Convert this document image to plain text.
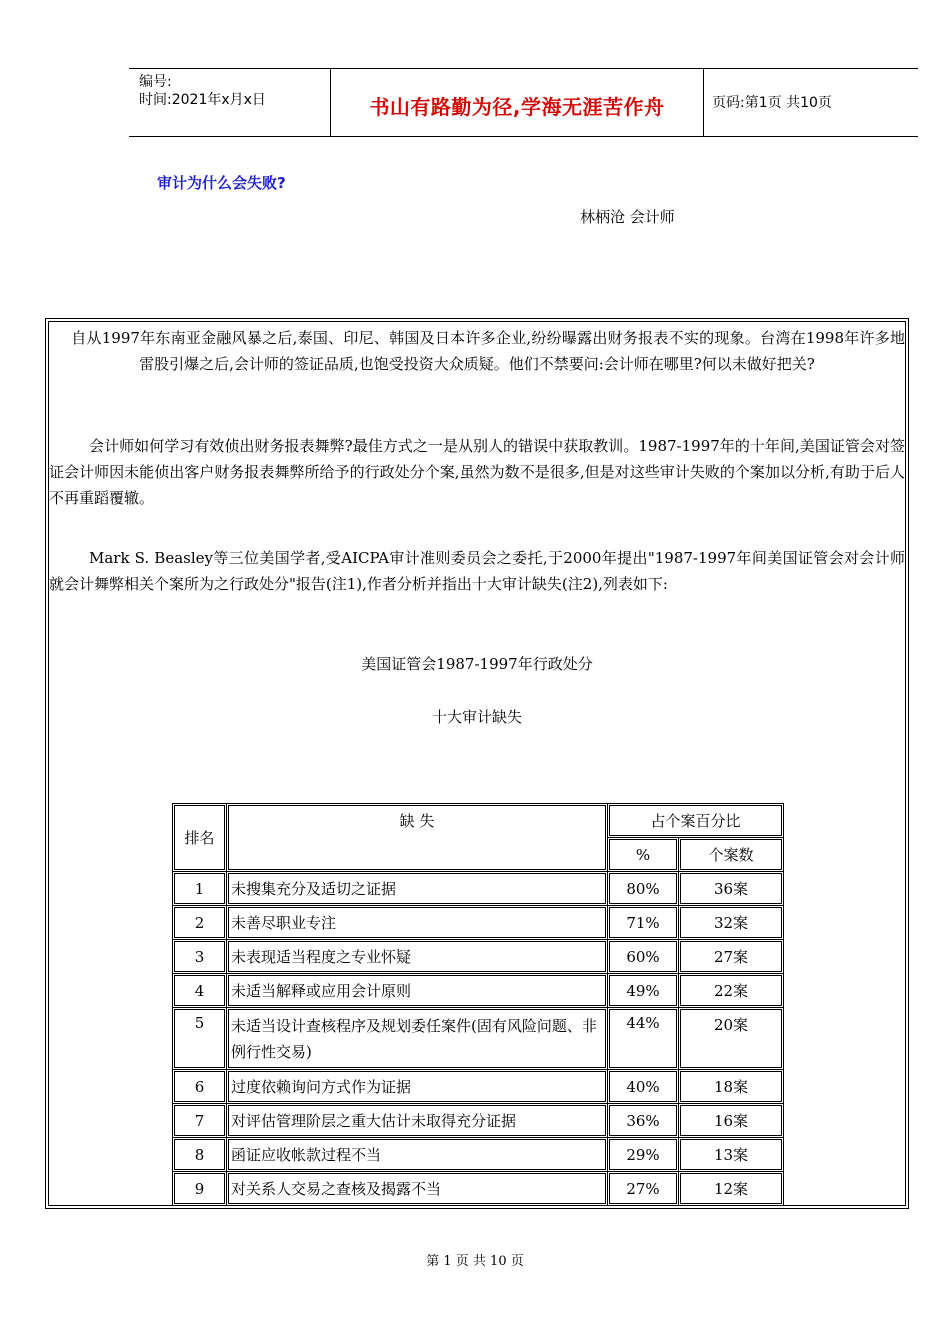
编号:
时间:2021年x月x日	书山有路勤为径,学海无涯苦作舟	页码:第1页 共10页
审计为什么会失败?
林柄沧 会计师
自从1997年东南亚金融风暴之后,泰国、印尼、韩国及日本许多企业,纷纷曝露出财务报表不实的现象。台湾在1998年许多地雷股引爆之后,会计师的签证品质,也饱受投资大众质疑。他们不禁要问:会计师在哪里?何以未做好把关?
会计师如何学习有效侦出财务报表舞弊?最佳方式之一是从别人的错误中获取教训。1987-1997年的十年间,美国证管会对签证会计师因未能侦出客户财务报表舞弊所给予的行政处分个案,虽然为数不是很多,但是对这些审计失败的个案加以分析,有助于后人不再重蹈覆辙。
Mark S. Beasley等三位美国学者,受AICPA审计准则委员会之委托,于2000年提出"1987-1997年间美国证管会对会计师就会计舞弊相关个案所为之行政处分"报告(注1),作者分析并指出十大审计缺失(注2),列表如下:
美国证管会1987-1997年行政处分
十大审计缺失
排名	缺 失	占个案百分比	
		%	个案数
1	未搜集充分及适切之证据	80%	36案
2	未善尽职业专注	71%	32案
3	未表现适当程度之专业怀疑	60%	27案
4	未适当解释或应用会计原则	49%	22案
5	未适当设计查核程序及规划委任案件(固有风险问题、非例行性交易)	44%	20案
6	过度依赖询问方式作为证据	40%	18案
7	对评估管理阶层之重大估计未取得充分证据	36%	16案
8	函证应收帐款过程不当	29%	13案
9	对关系人交易之查核及揭露不当	27%	12案
第 1 页 共 10 页
